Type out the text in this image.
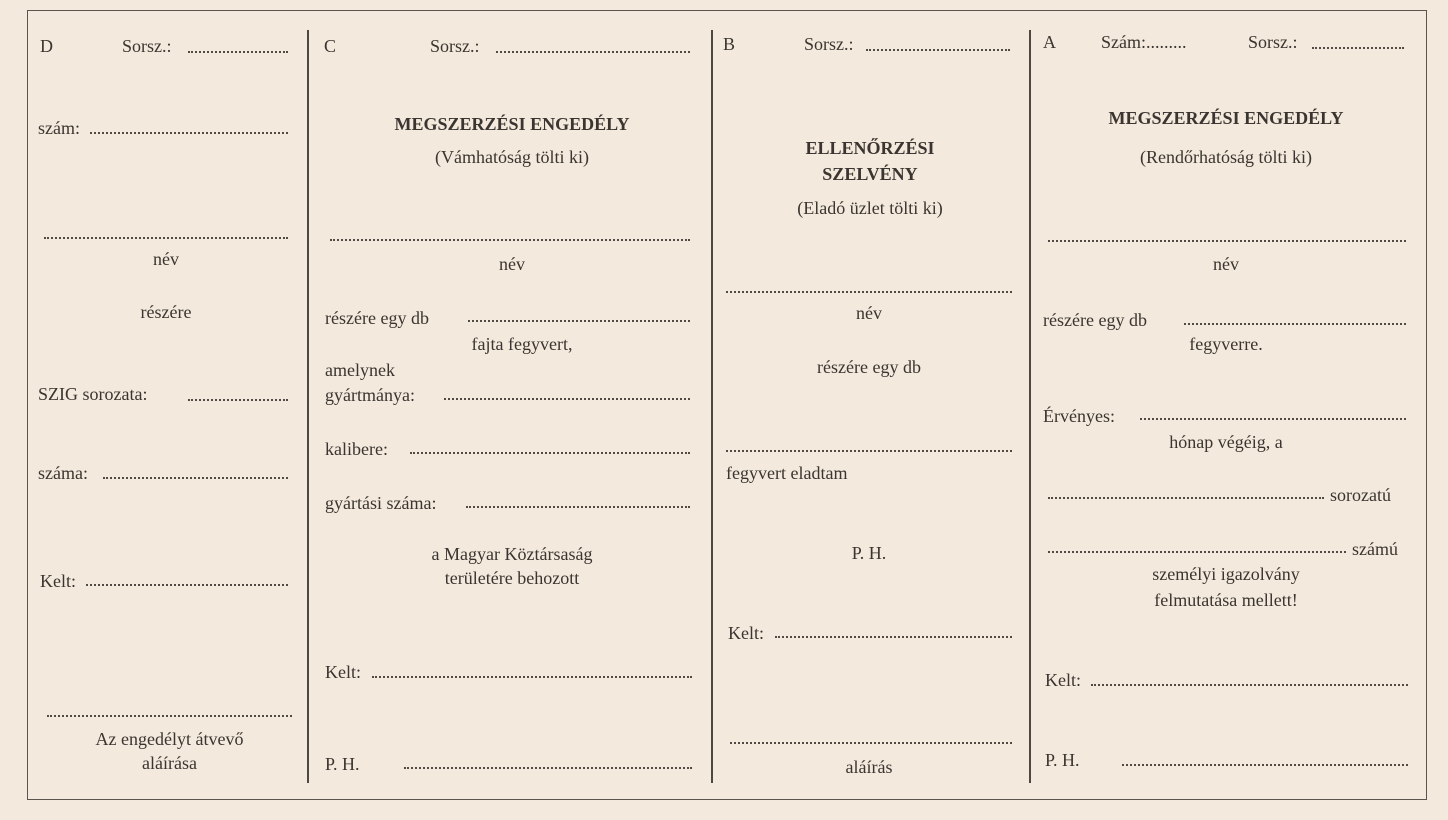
D	Sorsz.:
szám:
név
részére
SZIG sorozata:
száma:
Kelt:
Az engedélyt átvevő
aláírása
C	Sorsz.:
MEGSZERZÉSI ENGEDÉLY
(Vámhatóság tölti ki)
név
részére egy db
fajta fegyvert,
amelynek
gyártmánya:
kalibere:
gyártási száma:
a Magyar Köztársaság
területére behozott
Kelt:
P. H.
B	Sorsz.:
ELLENŐRZÉSI
SZELVÉNY
(Eladó üzlet tölti ki)
név
részére egy db
fegyvert eladtam
P. H.
Kelt:
aláírás
A	Szám:.........	Sorsz.:
MEGSZERZÉSI ENGEDÉLY
(Rendőrhatóság tölti ki)
név
részére egy db
fegyverre.
Érvényes:
hónap végéig, a
sorozatú
számú
személyi igazolvány
felmutatása mellett!
Kelt:
P. H.
